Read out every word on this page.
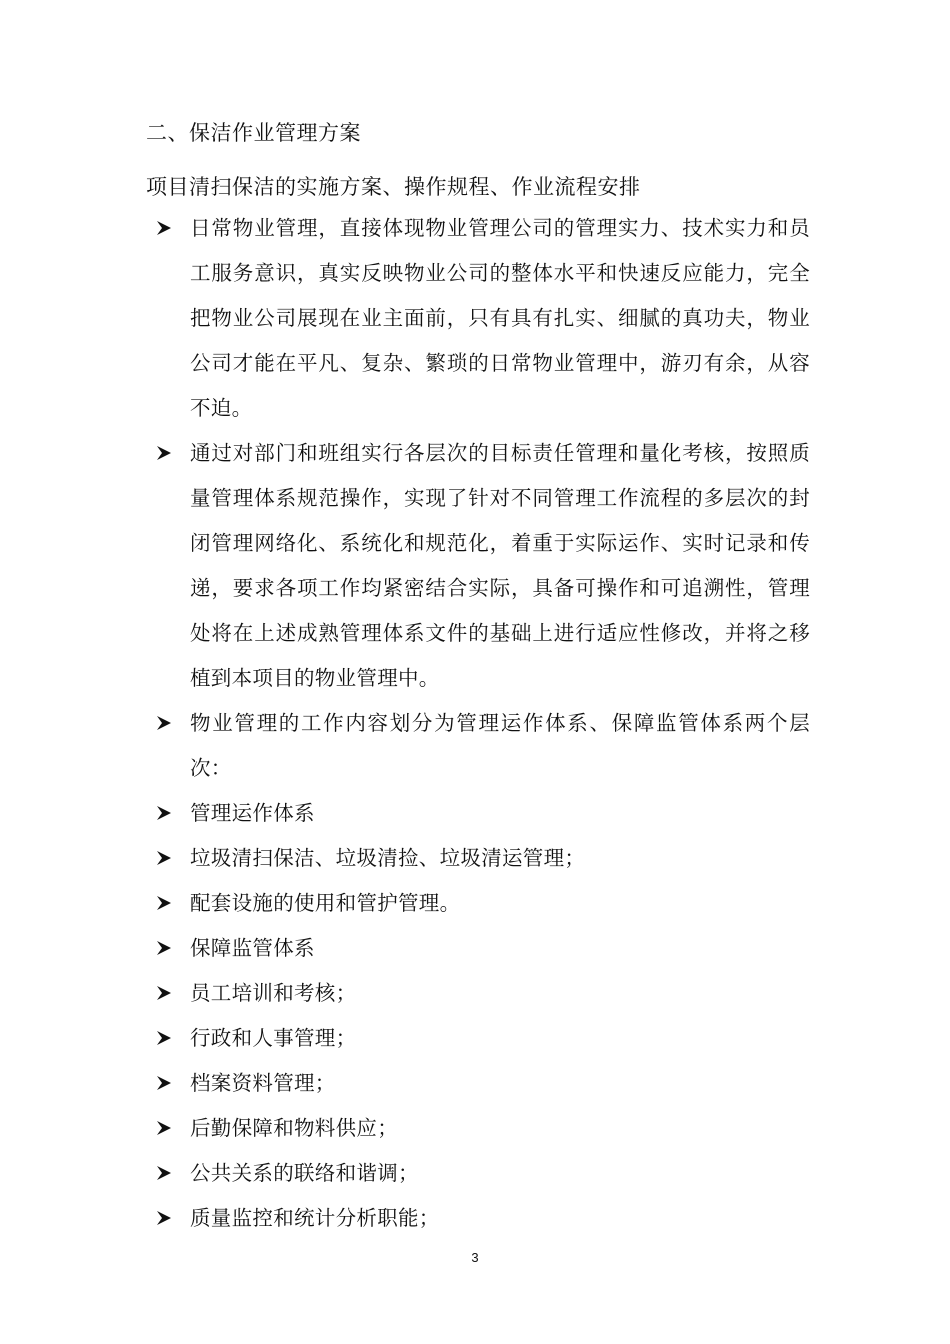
二、保洁作业管理方案
项目清扫保洁的实施方案、操作规程、作业流程安排
日常物业管理，直接体现物业管理公司的管理实力、技术实力和员工服务意识，真实反映物业公司的整体水平和快速反应能力，完全把物业公司展现在业主面前，只有具有扎实、细腻的真功夫，物业公司才能在平凡、复杂、繁琐的日常物业管理中，游刃有余，从容不迫。
通过对部门和班组实行各层次的目标责任管理和量化考核，按照质量管理体系规范操作，实现了针对不同管理工作流程的多层次的封闭管理网络化、系统化和规范化，着重于实际运作、实时记录和传递，要求各项工作均紧密结合实际，具备可操作和可追溯性，管理处将在上述成熟管理体系文件的基础上进行适应性修改，并将之移植到本项目的物业管理中。
物业管理的工作内容划分为管理运作体系、保障监管体系两个层次：
管理运作体系
垃圾清扫保洁、垃圾清捡、垃圾清运管理；
配套设施的使用和管护管理。
保障监管体系
员工培训和考核；
行政和人事管理；
档案资料管理；
后勤保障和物料供应；
公共关系的联络和谐调；
质量监控和统计分析职能；
3
